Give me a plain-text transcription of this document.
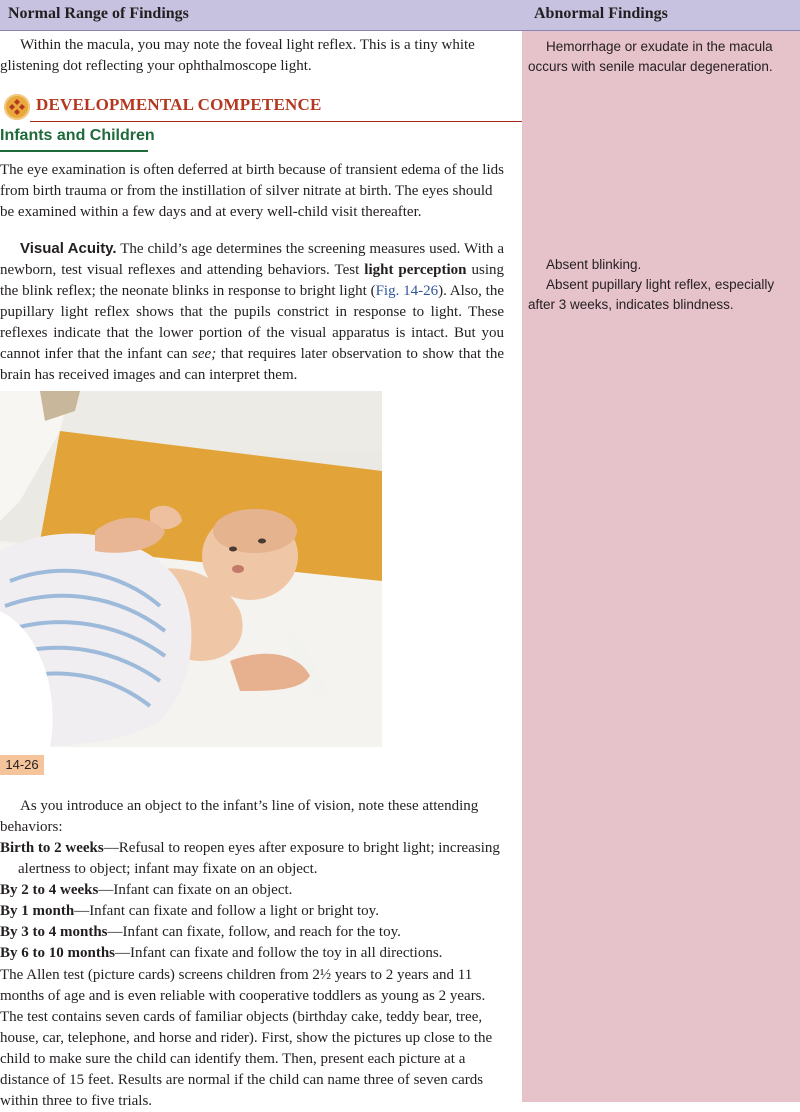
Normal Range of Findings	Abnormal Findings

Within the macula, you may note the foveal light reflex. This is a tiny white glistening dot reflecting your ophthalmoscope light.

Hemorrhage or exudate in the macula occurs with senile macular degeneration.
DEVELOPMENTAL COMPETENCE
Infants and Children

The eye examination is often deferred at birth because of transient edema of the lids from birth trauma or from the instillation of silver nitrate at birth. The eyes should be examined within a few days and at every well-child visit thereafter.

Visual Acuity. The child’s age determines the screening measures used. With a newborn, test visual reflexes and attending behaviors. Test light perception using the blink reflex; the neonate blinks in response to bright light (Fig. 14-26). Also, the pupillary light reflex shows that the pupils constrict in response to light. These reflexes indicate that the lower portion of the visual apparatus is intact. But you cannot infer that the infant can see; that requires later observation to show that the brain has received images and can interpret them.

Absent blinking.
Absent pupillary light reflex, especially after 3 weeks, indicates blindness.
14-26

As you introduce an object to the infant’s line of vision, note these attending behaviors:

Birth to 2 weeks—Refusal to reopen eyes after exposure to bright light; increasing alertness to object; infant may fixate on an object.
By 2 to 4 weeks—Infant can fixate on an object.
By 1 month—Infant can fixate and follow a light or bright toy.
By 3 to 4 months—Infant can fixate, follow, and reach for the toy.
By 6 to 10 months—Infant can fixate and follow the toy in all directions.

The Allen test (picture cards) screens children from 2½ years to 2 years and 11 months of age and is even reliable with cooperative toddlers as young as 2 years. The test contains seven cards of familiar objects (birthday cake, teddy bear, tree, house, car, telephone, and horse and rider). First, show the pictures up close to the child to make sure the child can identify them. Then, present each picture at a distance of 15 feet. Results are normal if the child can name three of seven cards within three to five trials.
